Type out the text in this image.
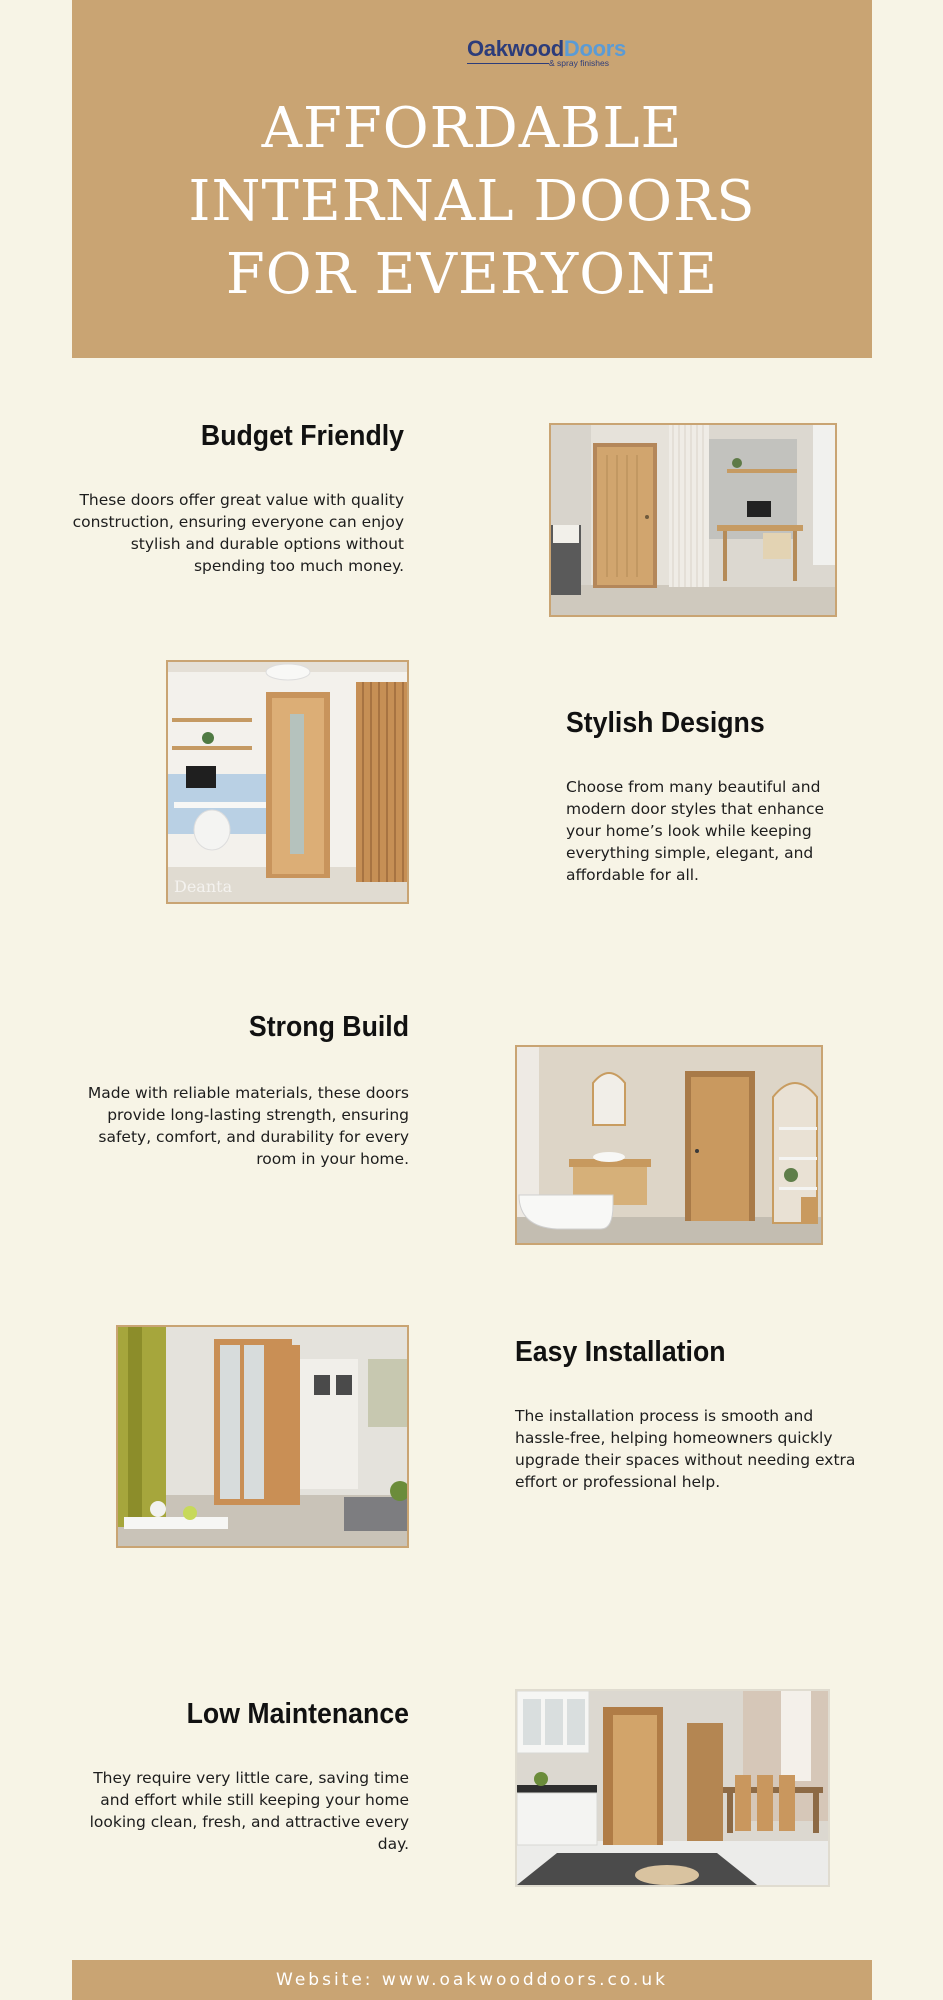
OakwoodDoors
& spray finishes
AFFORDABLE
INTERNAL DOORS
FOR EVERYONE
Budget Friendly
These doors offer great value with quality construction, ensuring everyone can enjoy stylish and durable options without spending too much money.
Deanta
Stylish Designs
Choose from many beautiful and modern door styles that enhance your home’s look while keeping everything simple, elegant, and affordable for all.
Strong Build
Made with reliable materials, these doors provide long-lasting strength, ensuring safety, comfort, and durability for every room in your home.
Easy Installation
The installation process is smooth and hassle-free, helping homeowners quickly upgrade their spaces without needing extra effort or professional help.
Low Maintenance
They require very little care, saving time and effort while still keeping your home looking clean, fresh, and attractive every day.
Website: www.oakwooddoors.co.uk
